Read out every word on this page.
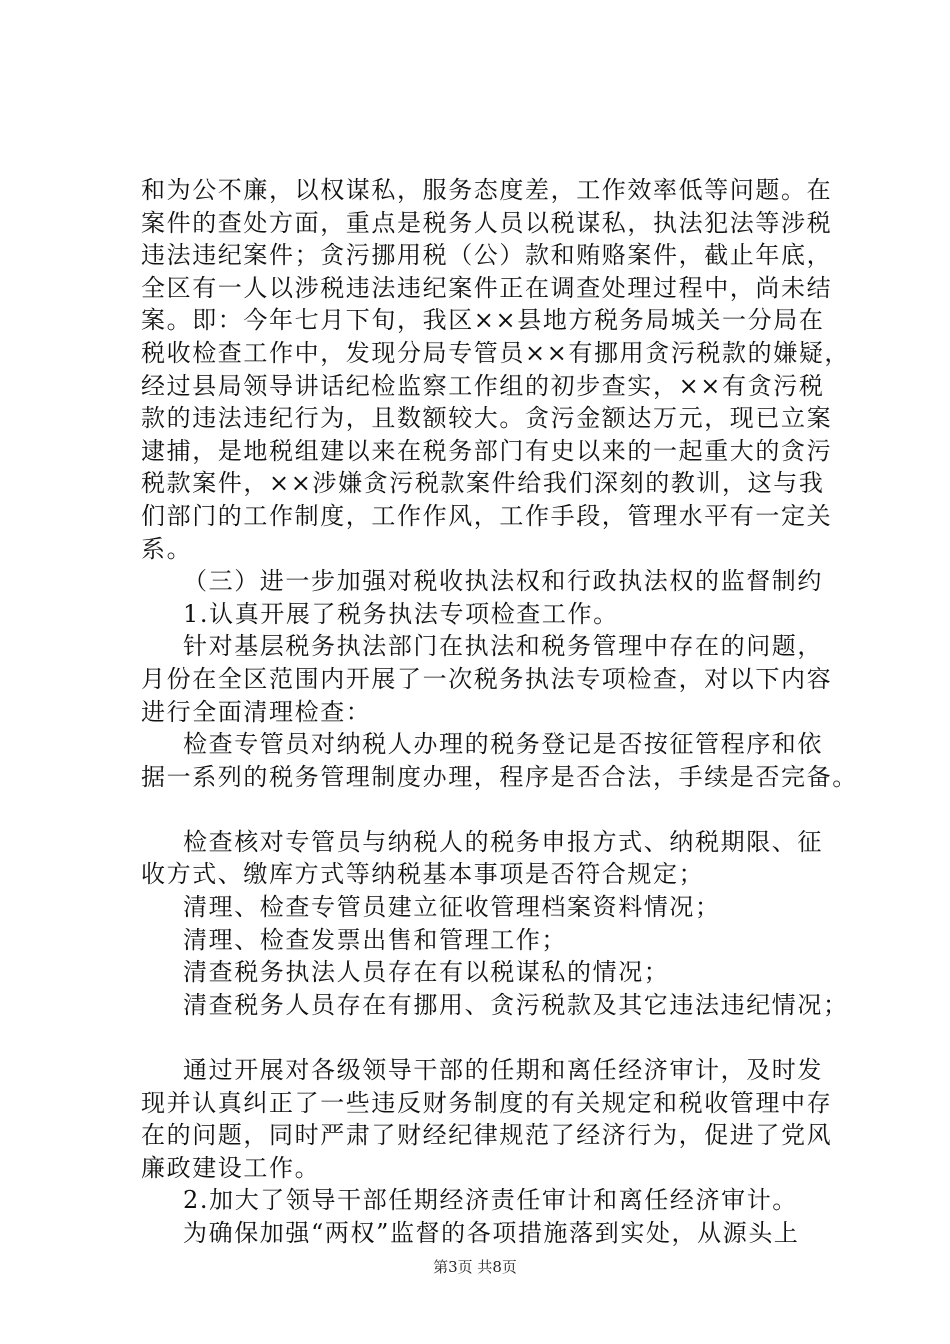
和为公不廉，以权谋私，服务态度差，工作效率低等问题。在
案件的查处方面，重点是税务人员以税谋私，执法犯法等涉税
违法违纪案件；贪污挪用税（公）款和贿赂案件，截止年底，
全区有一人以涉税违法违纪案件正在调查处理过程中，尚未结
案。即：今年七月下旬，我区××县地方税务局城关一分局在
税收检查工作中，发现分局专管员××有挪用贪污税款的嫌疑，
经过县局领导讲话纪检监察工作组的初步查实，××有贪污税
款的违法违纪行为，且数额较大。贪污金额达万元，现已立案
逮捕，是地税组建以来在税务部门有史以来的一起重大的贪污
税款案件，××涉嫌贪污税款案件给我们深刻的教训，这与我
们部门的工作制度，工作作风，工作手段，管理水平有一定关
系。
（三）进一步加强对税收执法权和行政执法权的监督制约
1.认真开展了税务执法专项检查工作。
针对基层税务执法部门在执法和税务管理中存在的问题，
月份在全区范围内开展了一次税务执法专项检查，对以下内容
进行全面清理检查：
检查专管员对纳税人办理的税务登记是否按征管程序和依
据一系列的税务管理制度办理，程序是否合法，手续是否完备。
检查核对专管员与纳税人的税务申报方式、纳税期限、征
收方式、缴库方式等纳税基本事项是否符合规定；
清理、检查专管员建立征收管理档案资料情况；
清理、检查发票出售和管理工作；
清查税务执法人员存在有以税谋私的情况；
清查税务人员存在有挪用、贪污税款及其它违法违纪情况；
通过开展对各级领导干部的任期和离任经济审计，及时发
现并认真纠正了一些违反财务制度的有关规定和税收管理中存
在的问题，同时严肃了财经纪律规范了经济行为，促进了党风
廉政建设工作。
2.加大了领导干部任期经济责任审计和离任经济审计。
为确保加强“两权”监督的各项措施落到实处，从源头上
第3页 共8页
